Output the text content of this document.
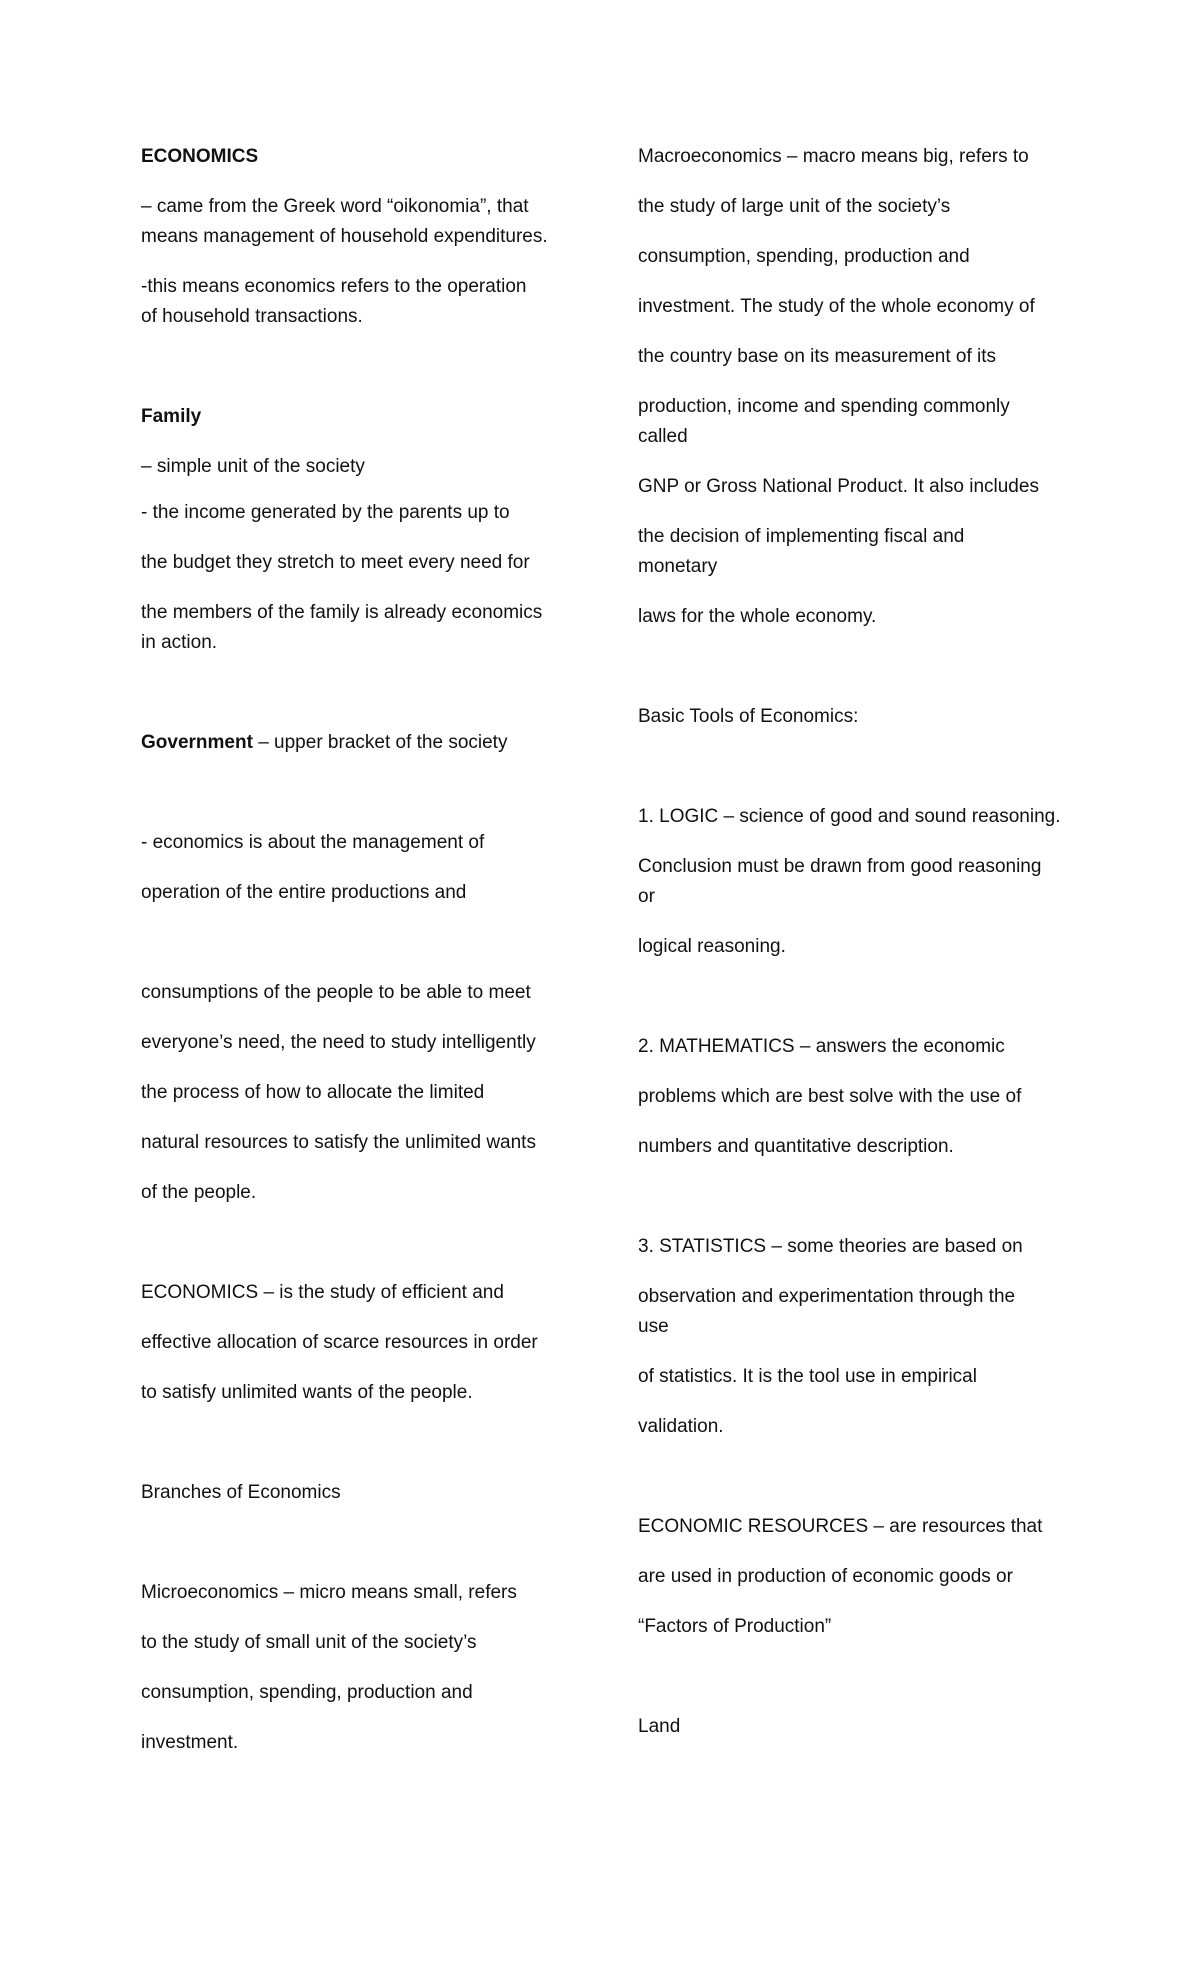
ECONOMICS
– came from the Greek word “oikonomia”, that
means management of household expenditures.
-this means economics refers to the operation
of household transactions.
Family
– simple unit of the society
- the income generated by the parents up to
the budget they stretch to meet every need for
the members of the family is already economics
in action.
Government – upper bracket of the society
- economics is about the management of
operation of the entire productions and
consumptions of the people to be able to meet
everyone’s need, the need to study intelligently
the process of how to allocate the limited
natural resources to satisfy the unlimited wants
of the people.
ECONOMICS – is the study of efficient and
effective allocation of scarce resources in order
to satisfy unlimited wants of the people.
Branches of Economics
Microeconomics – micro means small, refers
to the study of small unit of the society’s
consumption, spending, production and
investment.
Macroeconomics – macro means big, refers to
the study of large unit of the society’s
consumption, spending, production and
investment. The study of the whole economy of
the country base on its measurement of its
production, income and spending commonly
called
GNP or Gross National Product. It also includes
the decision of implementing fiscal and
monetary
laws for the whole economy.
Basic Tools of Economics:
1. LOGIC – science of good and sound reasoning.
Conclusion must be drawn from good reasoning
or
logical reasoning.
2. MATHEMATICS – answers the economic
problems which are best solve with the use of
numbers and quantitative description.
3. STATISTICS – some theories are based on
observation and experimentation through the
use
of statistics. It is the tool use in empirical
validation.
ECONOMIC RESOURCES – are resources that
are used in production of economic goods or
“Factors of Production”
Land
